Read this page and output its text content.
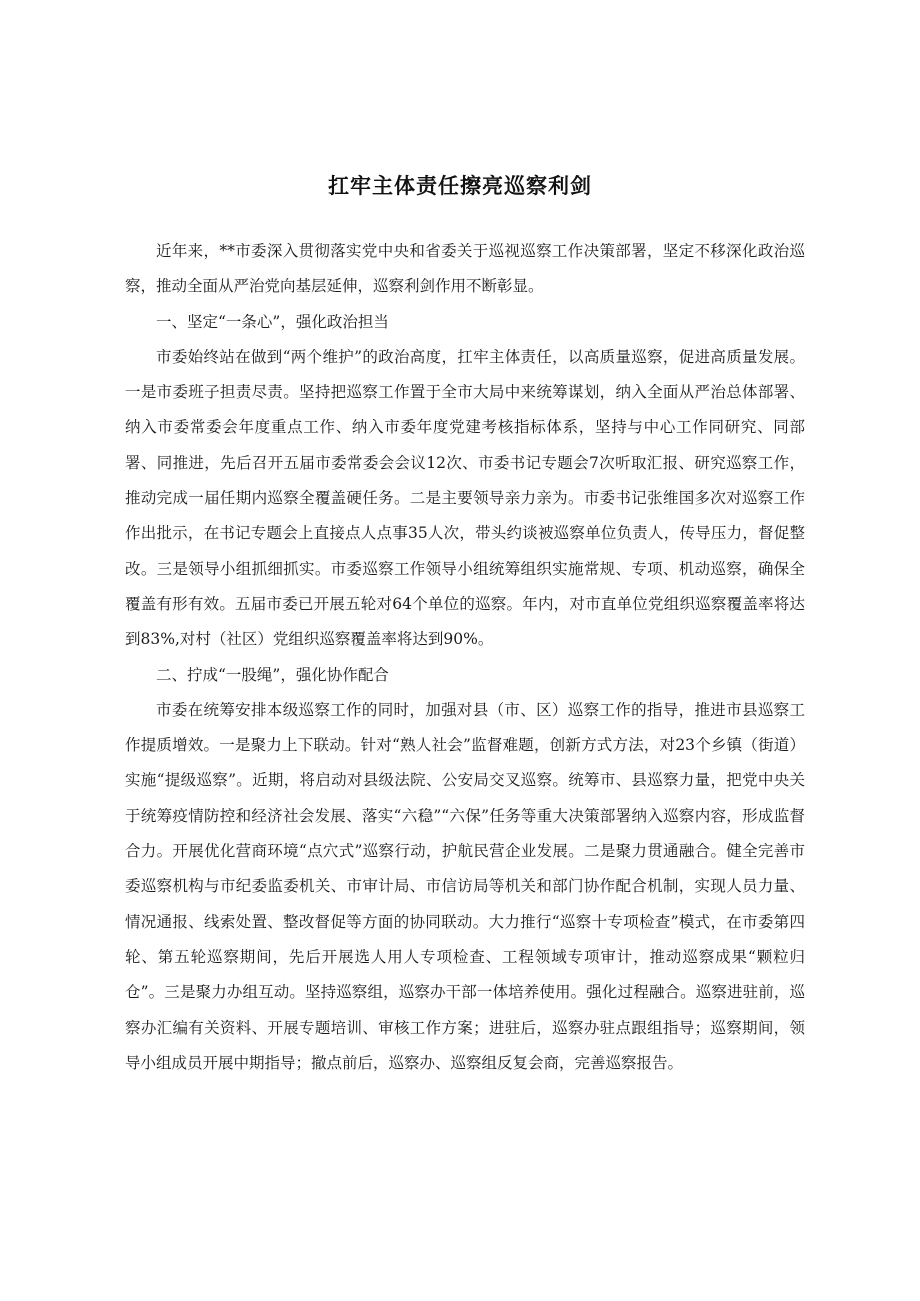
扛牢主体责任擦亮巡察利剑

近年来，**市委深入贯彻落实党中央和省委关于巡视巡察工作决策部署，坚定不移深化政治巡察，推动全面从严治党向基层延伸，巡察利剑作用不断彰显。

一、坚定“一条心”，强化政治担当

市委始终站在做到“两个维护”的政治高度，扛牢主体责任，以高质量巡察，促进高质量发展。一是市委班子担责尽责。坚持把巡察工作置于全市大局中来统筹谋划，纳入全面从严治总体部署、纳入市委常委会年度重点工作、纳入市委年度党建考核指标体系，坚持与中心工作同研究、同部署、同推进，先后召开五届市委常委会会议12次、市委书记专题会7次听取汇报、研究巡察工作，推动完成一届任期内巡察全覆盖硬任务。二是主要领导亲力亲为。市委书记张维国多次对巡察工作作出批示，在书记专题会上直接点人点事35人次，带头约谈被巡察单位负责人，传导压力，督促整改。三是领导小组抓细抓实。市委巡察工作领导小组统筹组织实施常规、专项、机动巡察，确保全覆盖有形有效。五届市委已开展五轮对64个单位的巡察。年内，对市直单位党组织巡察覆盖率将达到83%,对村（社区）党组织巡察覆盖率将达到90%。

二、拧成“一股绳”，强化协作配合

市委在统筹安排本级巡察工作的同时，加强对县（市、区）巡察工作的指导，推进市县巡察工作提质增效。一是聚力上下联动。针对“熟人社会”监督难题，创新方式方法，对23个乡镇（街道）实施“提级巡察”。近期，将启动对县级法院、公安局交叉巡察。统筹市、县巡察力量，把党中央关于统筹疫情防控和经济社会发展、落实“六稳”“六保”任务等重大决策部署纳入巡察内容，形成监督合力。开展优化营商环境“点穴式”巡察行动，护航民营企业发展。二是聚力贯通融合。健全完善市委巡察机构与市纪委监委机关、市审计局、市信访局等机关和部门协作配合机制，实现人员力量、情况通报、线索处置、整改督促等方面的协同联动。大力推行“巡察十专项检查”模式，在市委第四轮、第五轮巡察期间，先后开展选人用人专项检查、工程领域专项审计，推动巡察成果“颗粒归仓”。三是聚力办组互动。坚持巡察组，巡察办干部一体培养使用。强化过程融合。巡察进驻前，巡察办汇编有关资料、开展专题培训、审核工作方案；进驻后，巡察办驻点跟组指导；巡察期间，领导小组成员开展中期指导；撤点前后，巡察办、巡察组反复会商，完善巡察报告。
